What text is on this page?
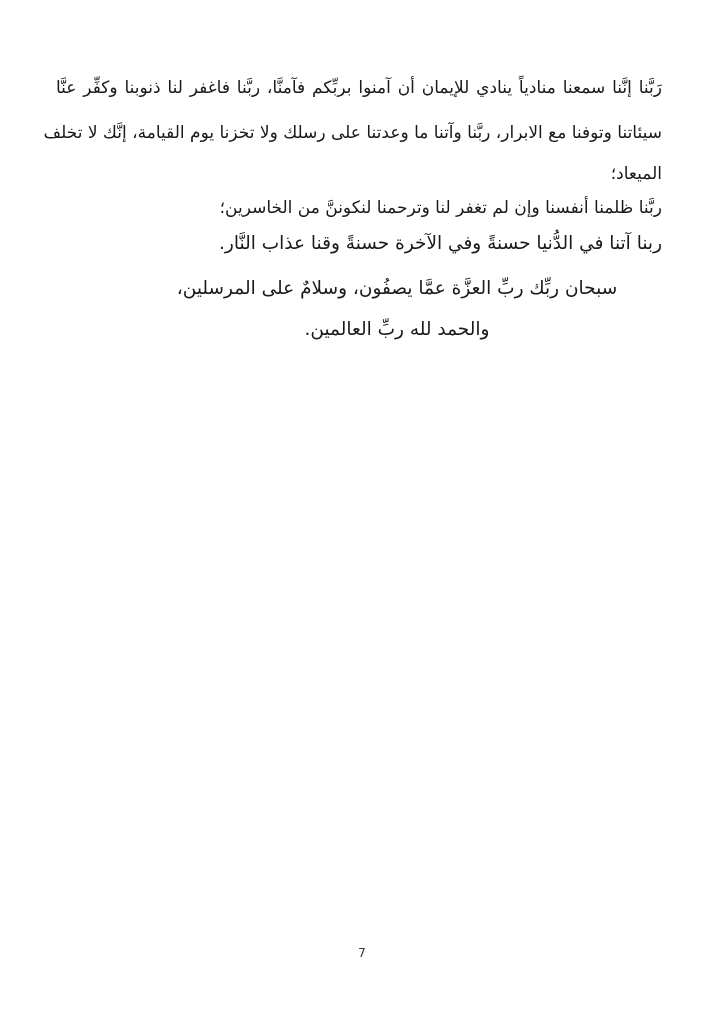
رَبَّنا إنَّنا سمعنا منادياً ينادي للإيمان أن آمنوا بربِّكم فآمنَّا، ربَّنا فاغفر لنا ذنوبنا وكفِّر عنَّا
سيئاتنا وتوفنا مع الابرار، ربَّنا وآتنا ما وعدتنا على رسلك ولا تخزنا يوم القيامة، إنَّك لا تخلف
الميعاد؛
ربَّنا ظلمنا أنفسنا وإن لم تغفر لنا وترحمنا لنكوننَّ من الخاسرين؛
ربنا آتنا في الدُّنيا حسنةً وفي الآخرة حسنةً وقنا عذاب النَّار.
سبحان ربِّك ربِّ العزَّة عمَّا يصفُون، وسلامٌ على المرسلين،
والحمد لله ربِّ العالمين.
7
